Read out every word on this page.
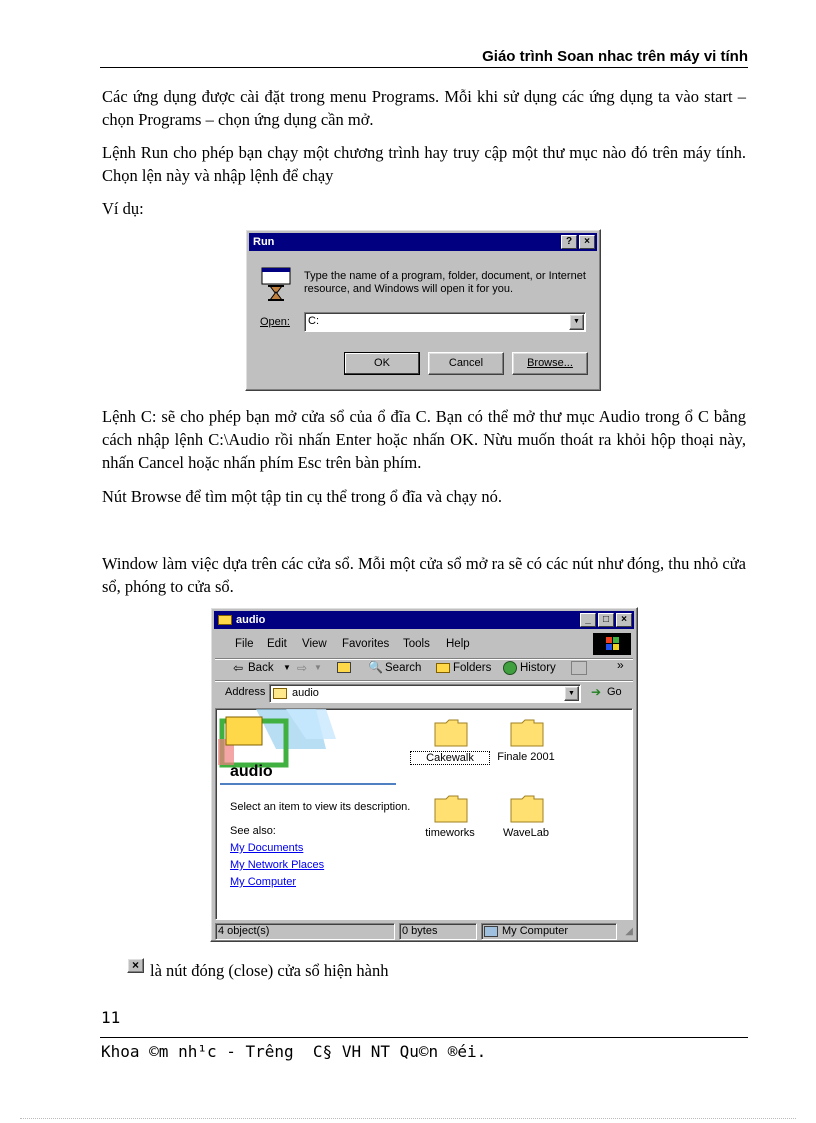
Giáo trình Soan nhac trên máy vi tính

Các ứng dụng được cài đặt trong menu Programs. Mỗi khi sử dụng các ứng dụng ta vào start – chọn Programs – chọn ứng dụng cần mở.

Lệnh Run cho phép bạn chạy một chương trình hay truy cập một thư mục nào đó trên máy tính. Chọn lện này và nhập lệnh để chạy

Ví dụ:

Run	?	×
Type the name of a program, folder, document, or Internet resource, and Windows will open it for you.
Open: C:	▼
OK	Cancel	Browse...

Lệnh C: sẽ cho phép bạn mở cửa sổ của ổ đĩa C. Bạn có thể mở thư mục Audio trong ổ C bằng cách nhập lệnh C:\Audio rồi nhấn Enter hoặc nhấn OK. Nừu muốn thoát ra khỏi hộp thoại này, nhấn Cancel hoặc nhấn phím Esc trên bàn phím.

Nút Browse để tìm một tập tin cụ thể trong ổ đĩa và chạy nó.

Window làm việc dựa trên các cửa sổ. Mỗi một cửa sổ mở ra sẽ có các nút như đóng, thu nhỏ cửa sổ, phóng to cửa sổ.

audio	_	□	×
File Edit View Favorites Tools Help
⇦ Back ▼ ⇨ ▼	🔍 Search	Folders History	»
Address audio	▼	➔ Go
audio
Select an item to view its description.
See also:
My Documents
My Network Places
My Computer
Cakewalk	Finale 2001
timeworks	WaveLab
4 object(s)	0 bytes	My Computer	◢
× là nút đóng (close) cửa sổ hiện hành

11
Khoa ©m nh¹c - Trêng  C§ VH NT Qu©n ®éi.
